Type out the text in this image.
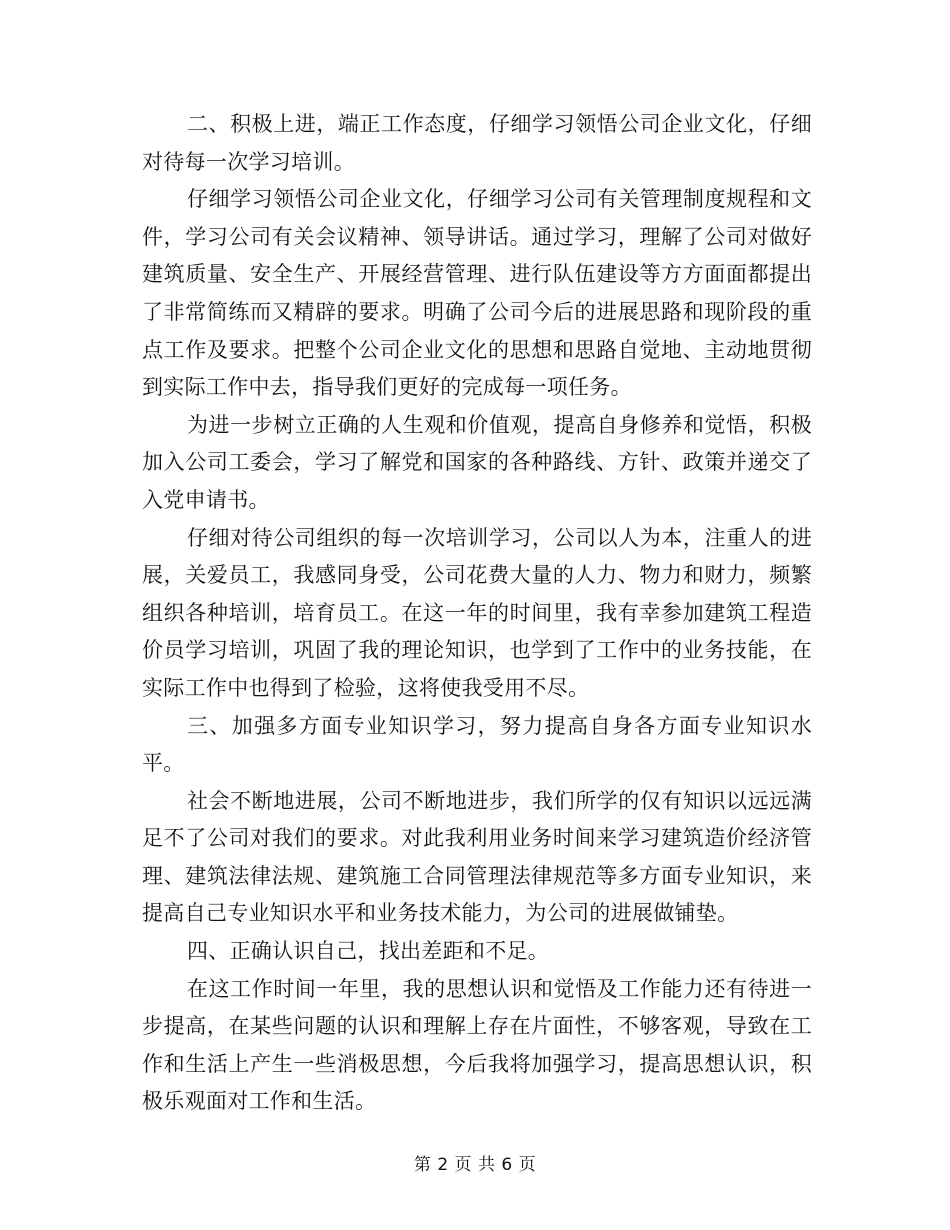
二、积极上进，端正工作态度，仔细学习领悟公司企业文化，仔细对待每一次学习培训。

仔细学习领悟公司企业文化，仔细学习公司有关管理制度规程和文件，学习公司有关会议精神、领导讲话。通过学习，理解了公司对做好建筑质量、安全生产、开展经营管理、进行队伍建设等方方面面都提出了非常简练而又精辟的要求。明确了公司今后的进展思路和现阶段的重点工作及要求。把整个公司企业文化的思想和思路自觉地、主动地贯彻到实际工作中去，指导我们更好的完成每一项任务。

为进一步树立正确的人生观和价值观，提高自身修养和觉悟，积极加入公司工委会，学习了解党和国家的各种路线、方针、政策并递交了入党申请书。

仔细对待公司组织的每一次培训学习，公司以人为本，注重人的进展，关爱员工，我感同身受，公司花费大量的人力、物力和财力，频繁组织各种培训，培育员工。在这一年的时间里，我有幸参加建筑工程造价员学习培训，巩固了我的理论知识，也学到了工作中的业务技能，在实际工作中也得到了检验，这将使我受用不尽。

三、加强多方面专业知识学习，努力提高自身各方面专业知识水平。

社会不断地进展，公司不断地进步，我们所学的仅有知识以远远满足不了公司对我们的要求。对此我利用业务时间来学习建筑造价经济管理、建筑法律法规、建筑施工合同管理法律规范等多方面专业知识，来提高自己专业知识水平和业务技术能力，为公司的进展做铺垫。

四、正确认识自己，找出差距和不足。

在这工作时间一年里，我的思想认识和觉悟及工作能力还有待进一步提高，在某些问题的认识和理解上存在片面性，不够客观，导致在工作和生活上产生一些消极思想，今后我将加强学习，提高思想认识，积极乐观面对工作和生活。

第 2 页 共 6 页
